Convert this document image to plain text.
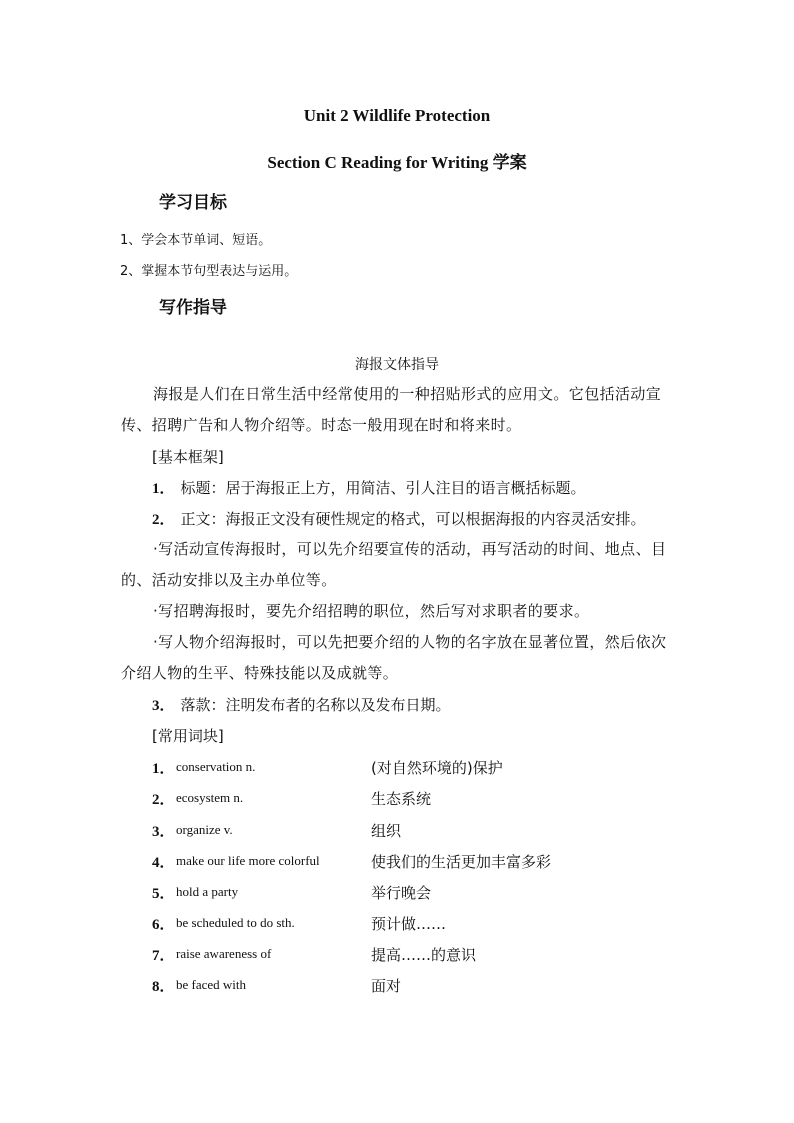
Unit 2 Wildlife Protection
Section C Reading for Writing 学案
学习目标
1、学会本节单词、短语。
2、掌握本节句型表达与运用。
写作指导
海报文体指导
海报是人们在日常生活中经常使用的一种招贴形式的应用文。它包括活动宣传、招聘广告和人物介绍等。时态一般用现在时和将来时。
[基本框架]
1． 标题：居于海报正上方，用简洁、引人注目的语言概括标题。
2． 正文：海报正文没有硬性规定的格式，可以根据海报的内容灵活安排。
·写活动宣传海报时，可以先介绍要宣传的活动，再写活动的时间、地点、目的、活动安排以及主办单位等。
·写招聘海报时，要先介绍招聘的职位，然后写对求职者的要求。
·写人物介绍海报时，可以先把要介绍的人物的名字放在显著位置，然后依次介绍人物的生平、特殊技能以及成就等。
3． 落款：注明发布者的名称以及发布日期。
[常用词块]
1． conservation n.	(对自然环境的)保护
2． ecosystem n.	生态系统
3． organize v.	组织
4． make our life more colorful	使我们的生活更加丰富多彩
5． hold a party	举行晚会
6． be scheduled to do sth.	预计做……
7． raise awareness of	提高……的意识
8． be faced with	面对
